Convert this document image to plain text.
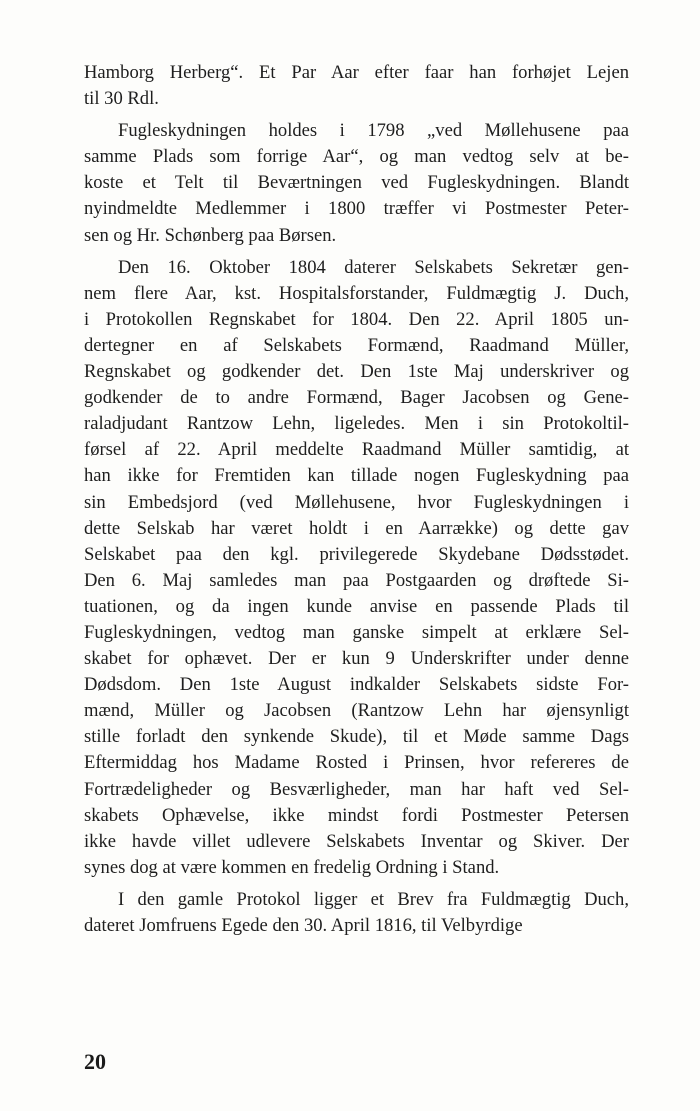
Hamborg Herberg“. Et Par Aar efter faar han forhøjet Lejen
til 30 Rdl.
Fugleskydningen holdes i 1798 „ved Møllehusene paa
samme Plads som forrige Aar“, og man vedtog selv at be-
koste et Telt til Beværtningen ved Fugleskydningen. Blandt
nyindmeldte Medlemmer i 1800 træffer vi Postmester Peter-
sen og Hr. Schønberg paa Børsen.
Den 16. Oktober 1804 daterer Selskabets Sekretær gen-
nem flere Aar, kst. Hospitalsforstander, Fuldmægtig J. Duch,
i Protokollen Regnskabet for 1804. Den 22. April 1805 un-
dertegner en af Selskabets Formænd, Raadmand Müller,
Regnskabet og godkender det. Den 1ste Maj underskriver og
godkender de to andre Formænd, Bager Jacobsen og Gene-
raladjudant Rantzow Lehn, ligeledes. Men i sin Protokoltil-
førsel af 22. April meddelte Raadmand Müller samtidig, at
han ikke for Fremtiden kan tillade nogen Fugleskydning paa
sin Embedsjord (ved Møllehusene, hvor Fugleskydningen i
dette Selskab har været holdt i en Aarrække) og dette gav
Selskabet paa den kgl. privilegerede Skydebane Dødsstødet.
Den 6. Maj samledes man paa Postgaarden og drøftede Si-
tuationen, og da ingen kunde anvise en passende Plads til
Fugleskydningen, vedtog man ganske simpelt at erklære Sel-
skabet for ophævet. Der er kun 9 Underskrifter under denne
Dødsdom. Den 1ste August indkalder Selskabets sidste For-
mænd, Müller og Jacobsen (Rantzow Lehn har øjensynligt
stille forladt den synkende Skude), til et Møde samme Dags
Eftermiddag hos Madame Rosted i Prinsen, hvor refereres de
Fortrædeligheder og Besværligheder, man har haft ved Sel-
skabets Ophævelse, ikke mindst fordi Postmester Petersen
ikke havde villet udlevere Selskabets Inventar og Skiver. Der
synes dog at være kommen en fredelig Ordning i Stand.
I den gamle Protokol ligger et Brev fra Fuldmægtig Duch,
dateret Jomfruens Egede den 30. April 1816, til Velbyrdige
20
